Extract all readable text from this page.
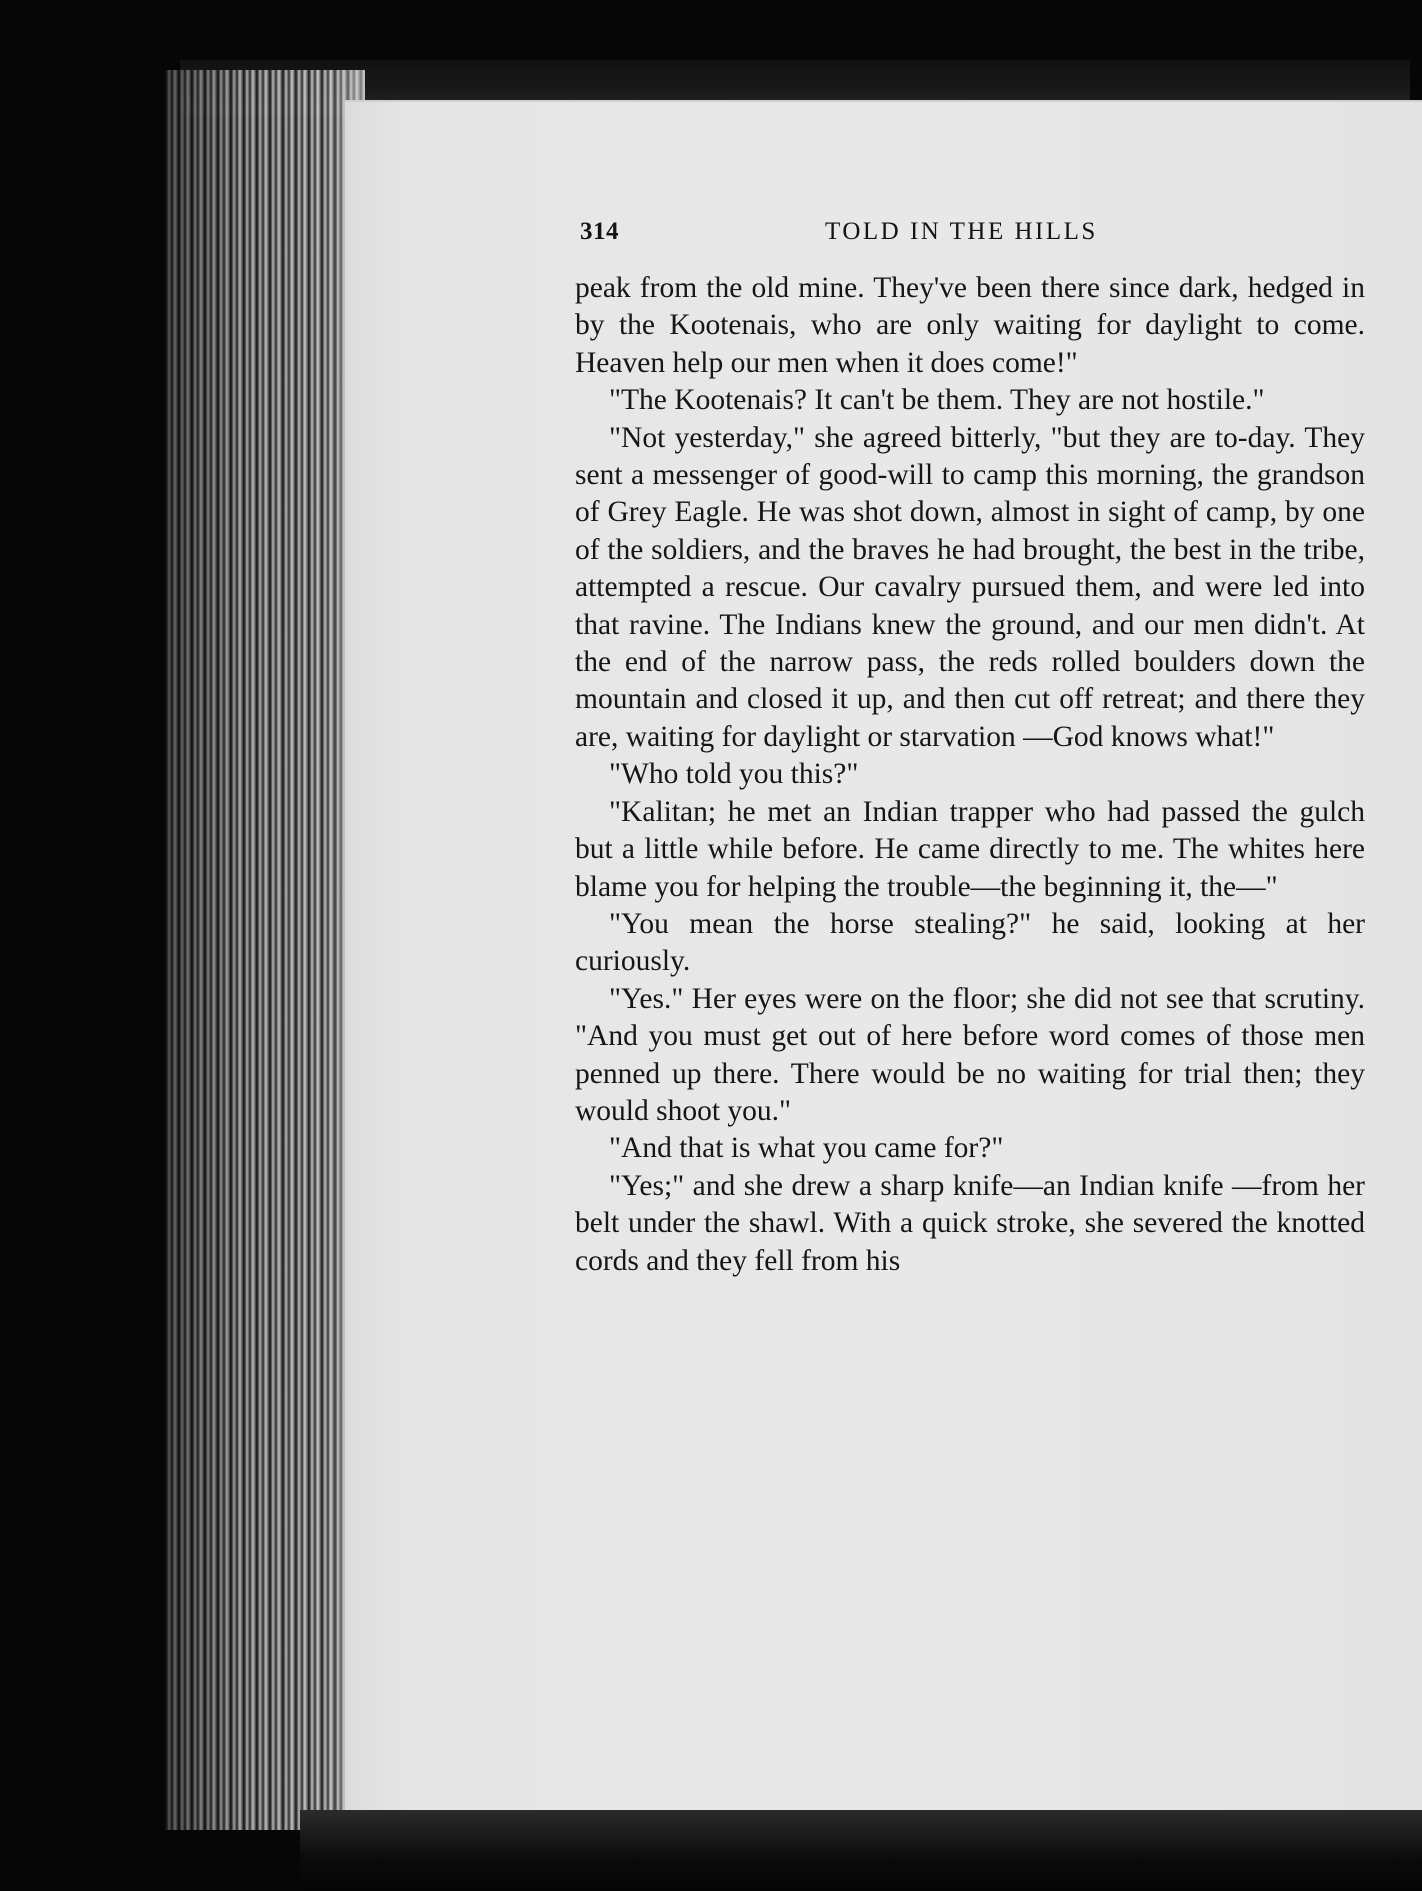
314	TOLD IN THE HILLS

peak from the old mine. They've been there since dark, hedged in by the Kootenais, who are only waiting for daylight to come. Heaven help our men when it does come!"

"The Kootenais? It can't be them. They are not hostile."

"Not yesterday," she agreed bitterly, "but they are to-day. They sent a messenger of good-will to camp this morning, the grandson of Grey Eagle. He was shot down, almost in sight of camp, by one of the soldiers, and the braves he had brought, the best in the tribe, attempted a rescue. Our cavalry pursued them, and were led into that ravine. The Indians knew the ground, and our men didn't. At the end of the narrow pass, the reds rolled boulders down the mountain and closed it up, and then cut off retreat; and there they are, waiting for daylight or starvation —God knows what!"

"Who told you this?"

"Kalitan; he met an Indian trapper who had passed the gulch but a little while before. He came directly to me. The whites here blame you for helping the trouble—the beginning it, the—"

"You mean the horse stealing?" he said, looking at her curiously.

"Yes." Her eyes were on the floor; she did not see that scrutiny. "And you must get out of here before word comes of those men penned up there. There would be no waiting for trial then; they would shoot you."

"And that is what you came for?"

"Yes;" and she drew a sharp knife—an Indian knife —from her belt under the shawl. With a quick stroke, she severed the knotted cords and they fell from his
